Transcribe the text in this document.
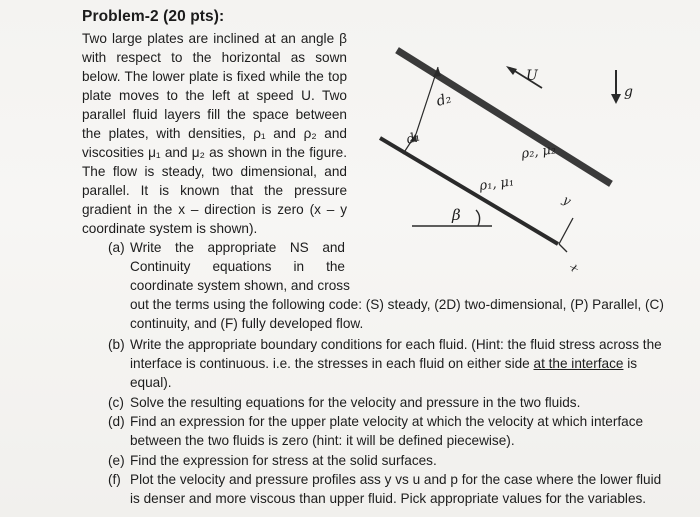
Problem-2 (20 pts):
Two large plates are inclined at an angle β
with respect to the horizontal as sown
below. The lower plate is fixed while the top
plate moves to the left at speed U. Two
parallel fluid layers fill the space between
the plates, with densities, ρ₁ and ρ₂ and
viscosities μ₁ and μ₂ as shown in the figure.
The flow is steady, two dimensional, and
parallel. It is known that the pressure
gradient in the x – direction is zero (x – y
coordinate system is shown).
(a) Write the appropriate NS and
Continuity equations in the
coordinate system shown, and cross
out the terms using the following code: (S) steady, (2D) two-dimensional, (P) Parallel, (C)
continuity, and (F) fully developed flow.
(b) Write the appropriate boundary conditions for each fluid. (Hint: the fluid stress across the
interface is continuous. i.e. the stresses in each fluid on either side at the interface is
equal).
(c) Solve the resulting equations for the velocity and pressure in the two fluids.
(d) Find an expression for the upper plate velocity at which the velocity at which interface
between the two fluids is zero (hint: it will be defined piecewise).
(e) Find the expression for stress at the solid surfaces.
(f) Plot the velocity and pressure profiles ass y vs u and p for the case where the lower fluid
is denser and more viscous than upper fluid. Pick appropriate values for the variables.
β
d₂
d₁
U
g
ρ₂, μ₂
ρ₁, μ₁
y
x
